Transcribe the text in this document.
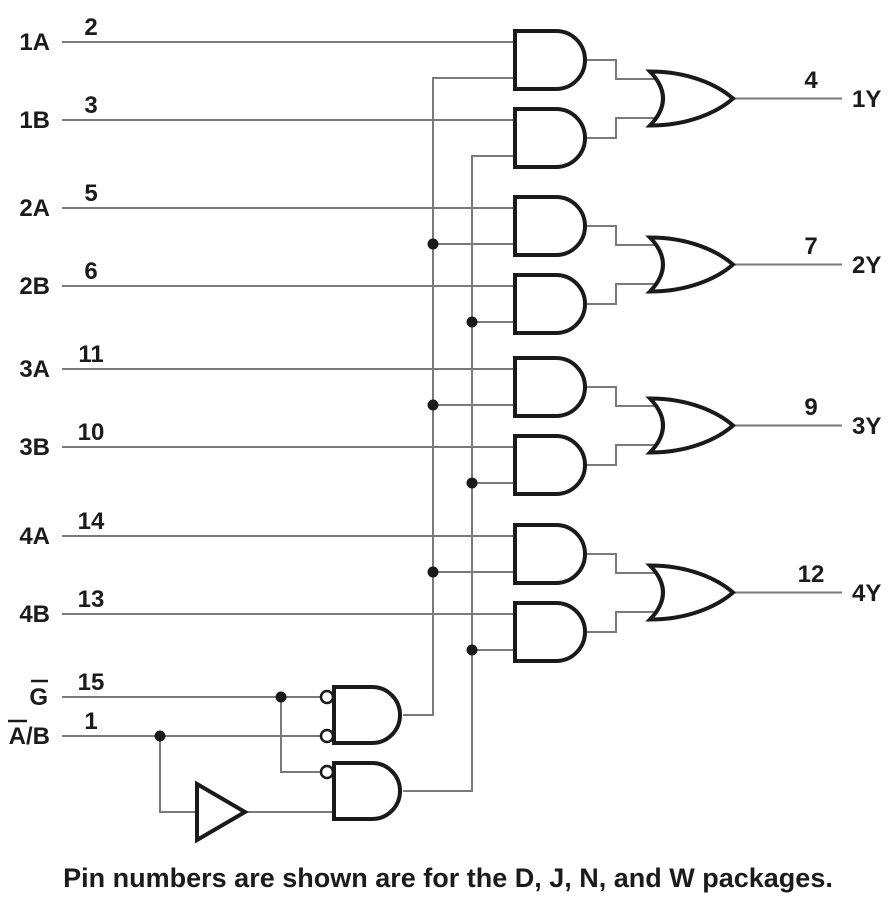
1A
1B
2A
2B
3A
3B
4A
4B
G
A/B
2
3
5
6
11
10
14
13
15
1
4
7
9
12
1Y
2Y
3Y
4Y
Pin numbers are shown are for the D, J, N, and W packages.
